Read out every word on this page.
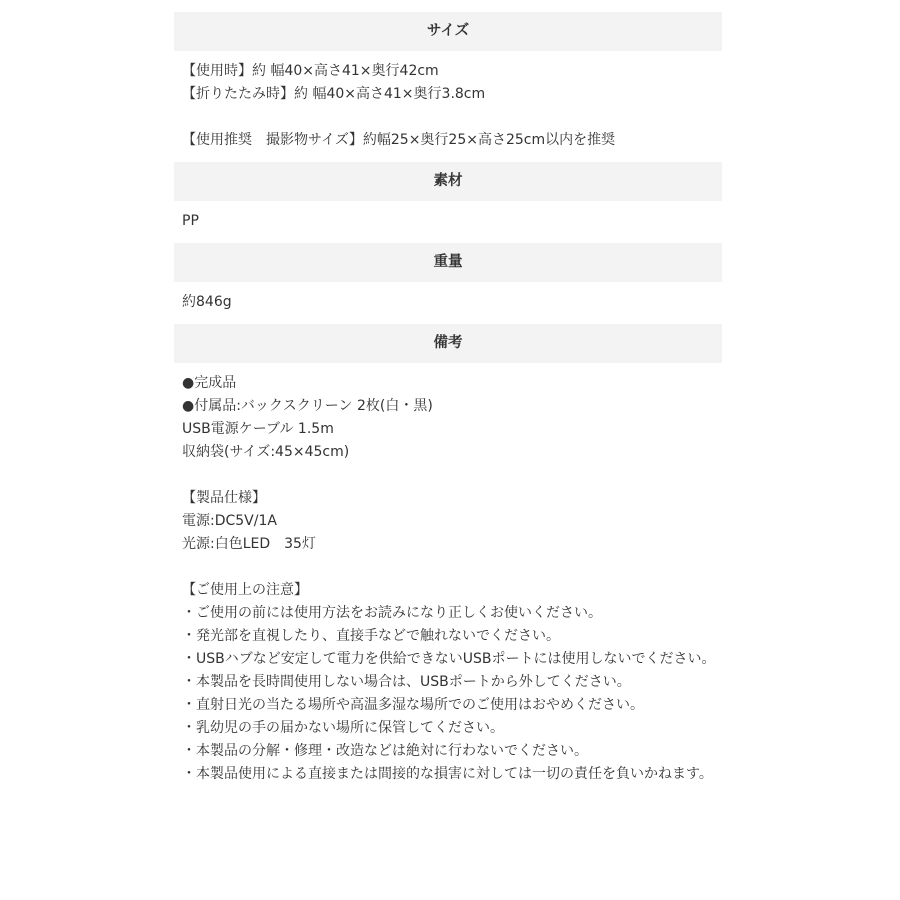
サイズ
【使用時】約 幅40×高さ41×奥行42cm
【折りたたみ時】約 幅40×高さ41×奥行3.8cm
【使用推奨　撮影物サイズ】約幅25×奥行25×高さ25cm以内を推奨
素材
PP
重量
約846g
備考
●完成品
●付属品:バックスクリーン 2枚(白・黒)
USB電源ケーブル 1.5m
収納袋(サイズ:45×45cm)
【製品仕様】
電源:DC5V/1A
光源:白色LED　35灯
【ご使用上の注意】
・ご使用の前には使用方法をお読みになり正しくお使いください。
・発光部を直視したり、直接手などで触れないでください。
・USBハブなど安定して電力を供給できないUSBポートには使用しないでください。
・本製品を長時間使用しない場合は、USBポートから外してください。
・直射日光の当たる場所や高温多湿な場所でのご使用はおやめください。
・乳幼児の手の届かない場所に保管してください。
・本製品の分解・修理・改造などは絶対に行わないでください。
・本製品使用による直接または間接的な損害に対しては一切の責任を負いかねます。
